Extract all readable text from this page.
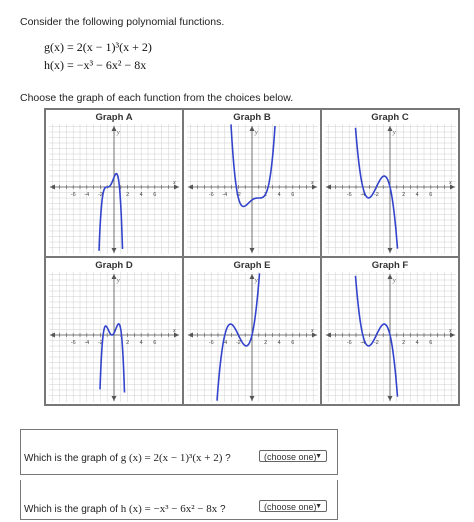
Consider the following polynomial functions.
g(x) = 2(x − 1)³(x + 2)
h(x) = −x³ − 6x² − 8x
Choose the graph of each function from the choices below.
-6 -4 -2	2 4 6
x
y
Graph A
-6 -4 -2	2 4 6
x
y
Graph B
-6 -4 -2	2 4 6
x
y
Graph C
-6 -4 -2	2 4 6
x
y
Graph D
-6 -4 -2	2 4 6
x
y
Graph E
-6 -4 -2	2 4 6
x
y
Graph F
Which is the graph of g (x) = 2(x − 1)³(x + 2) ?	(choose one)
▼
Which is the graph of h (x) = −x³ − 6x² − 8x ?	(choose one)
▼
